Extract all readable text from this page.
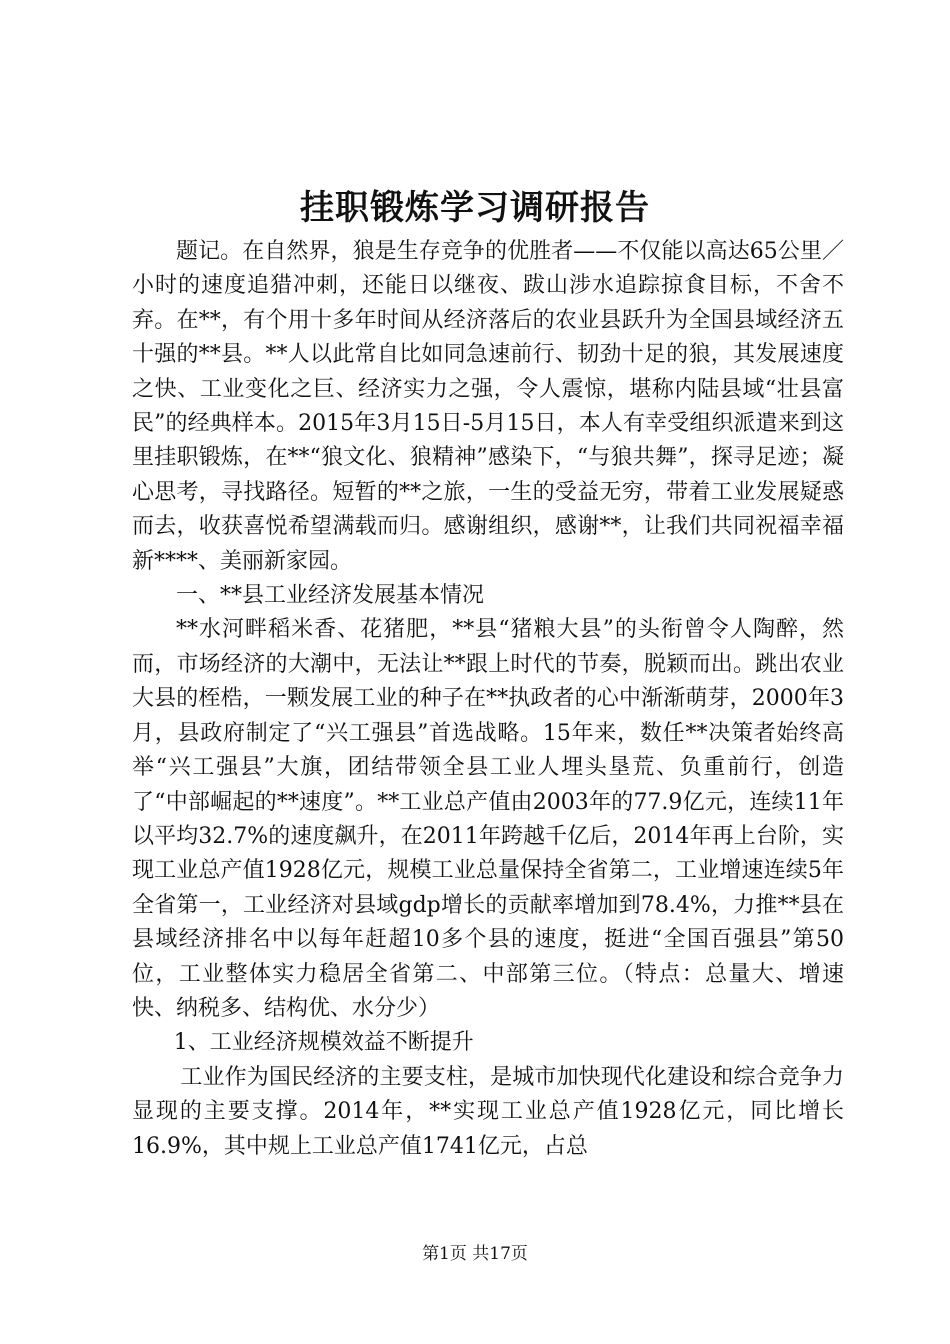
挂职锻炼学习调研报告

题记。在自然界，狼是生存竞争的优胜者——不仅能以高达65公里／小时的速度追猎冲刺，还能日以继夜、跋山涉水追踪掠食目标，不舍不弃。在**，有个用十多年时间从经济落后的农业县跃升为全国县域经济五十强的**县。**人以此常自比如同急速前行、韧劲十足的狼，其发展速度之快、工业变化之巨、经济实力之强，令人震惊，堪称内陆县域“壮县富民”的经典样本。2015年3月15日-5月15日，本人有幸受组织派遣来到这里挂职锻炼，在**“狼文化、狼精神”感染下，“与狼共舞”，探寻足迹；凝心思考，寻找路径。短暂的**之旅，一生的受益无穷，带着工业发展疑惑而去，收获喜悦希望满载而归。感谢组织，感谢**，让我们共同祝福幸福新****、美丽新家园。

一、**县工业经济发展基本情况

**水河畔稻米香、花猪肥，**县“猪粮大县”的头衔曾令人陶醉，然而，市场经济的大潮中，无法让**跟上时代的节奏，脱颖而出。跳出农业大县的桎梏，一颗发展工业的种子在**执政者的心中渐渐萌芽，2000年3月，县政府制定了“兴工强县”首选战略。15年来，数任**决策者始终高举“兴工强县”大旗，团结带领全县工业人埋头垦荒、负重前行，创造了“中部崛起的**速度”。**工业总产值由2003年的77.9亿元，连续11年以平均32.7%的速度飙升，在2011年跨越千亿后，2014年再上台阶，实现工业总产值1928亿元，规模工业总量保持全省第二，工业增速连续5年全省第一，工业经济对县域gdp增长的贡献率增加到78.4%，力推**县在县域经济排名中以每年赶超10多个县的速度，挺进“全国百强县”第50位，工业整体实力稳居全省第二、中部第三位。（特点：总量大、增速快、纳税多、结构优、水分少）

1、工业经济规模效益不断提升

工业作为国民经济的主要支柱，是城市加快现代化建设和综合竞争力显现的主要支撑。2014年，**实现工业总产值1928亿元，同比增长16.9%，其中规上工业总产值1741亿元，占总

第1页 共17页
